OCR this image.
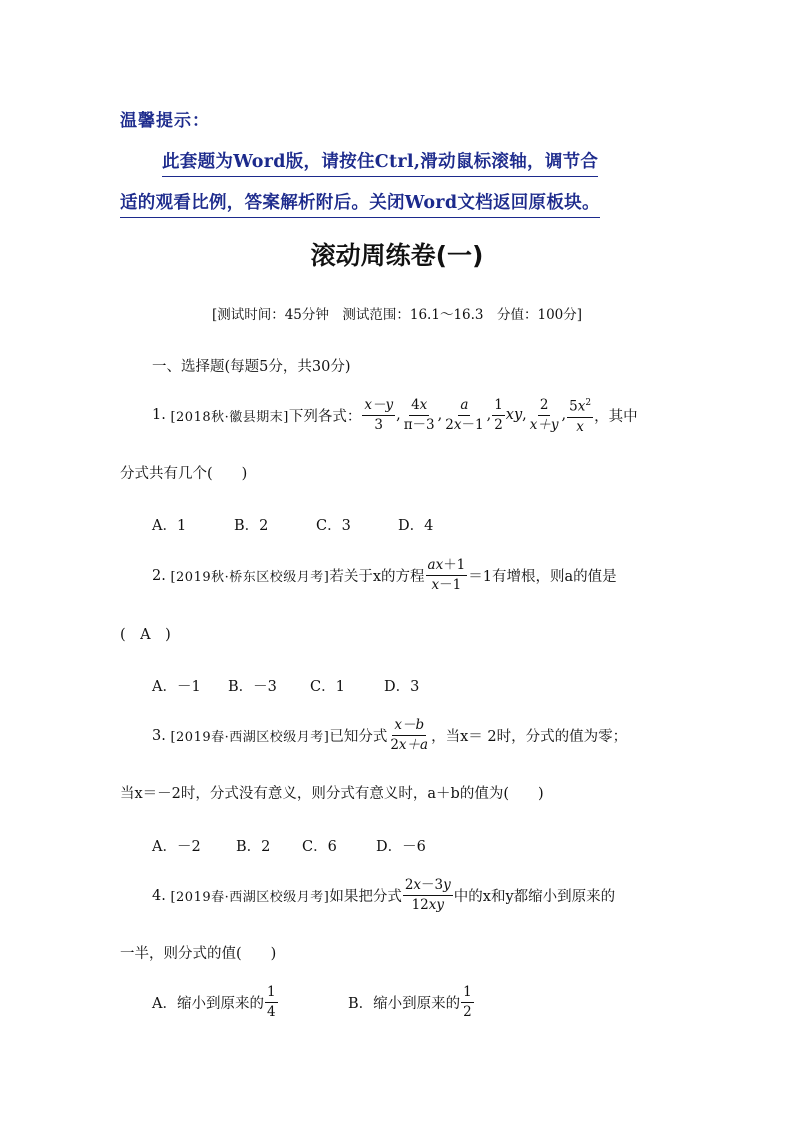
温馨提示：
此套题为Word版，请按住Ctrl,滑动鼠标滚轴，调节合
适的观看比例，答案解析附后。关闭Word文档返回原板块。
滚动周练卷(一)
[测试时间：45分钟　测试范围：16.1～16.3　分值：100分]
一、选择题(每题5分，共30分)
1.
[2018秋·徽县期末] 下列各式： $\frac{x-y}{3}$ , $\frac{4x}{\pi-3}$ , $\frac{a}{2x-1}$ , $\frac{1}{2}$ xy , $\frac{2}{x+y}$ , $\frac{5x^2}{x}$ ，其中
分式共有几个(　　)
A．1	B．2	C．3	D．4
2.
[2019秋·桥东区校级月考] 若关于x的方程 $\frac{ax+1}{x-1} =1$有增根，则a的值是
(　A　)
A．－1 B．－3 C．1	D．3
3.
[2019春·西湖区校级月考] 已知分式 $\frac{x-b}{2x+a}$ ，当x＝ 2时，分式的值为零；
当x＝－2时，分式没有意义，则分式有意义时，a＋b的值为(　　)
A．－2 B．2 C．6	D．－6
4.
[2019春·西湖区校级月考] 如果把分式 $\frac{2x-3y}{12xy}$ 中的x和y都缩小到原来的
一半，则分式的值(　　)
A．缩小到原来的 $\frac{1}{4}$	B．缩小到原来的 $\frac{1}{2}$
